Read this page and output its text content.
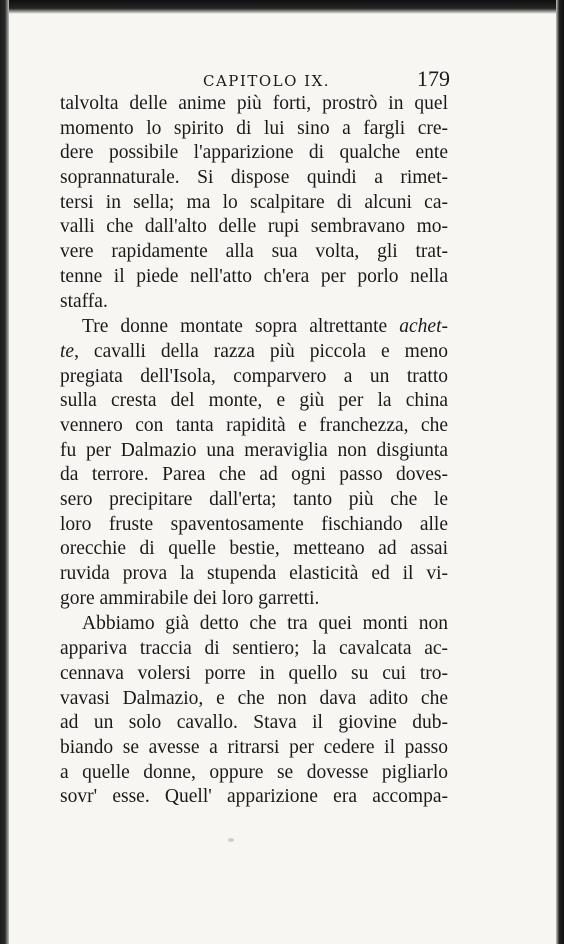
CAPITOLO IX.	179
talvolta delle anime più forti, prostrò in quel
momento lo spirito di lui sino a fargli cre-
dere possibile l'apparizione di qualche ente
soprannaturale. Si dispose quindi a rimet-
tersi in sella; ma lo scalpitare di alcuni ca-
valli che dall'alto delle rupi sembravano mo-
vere rapidamente alla sua volta, gli trat-
tenne il piede nell'atto ch'era per porlo nella
staffa.
Tre donne montate sopra altrettante achet-
te, cavalli della razza più piccola e meno
pregiata dell'Isola, comparvero a un tratto
sulla cresta del monte, e giù per la china
vennero con tanta rapidità e franchezza, che
fu per Dalmazio una meraviglia non disgiunta
da terrore. Parea che ad ogni passo doves-
sero precipitare dall'erta; tanto più che le
loro fruste spaventosamente fischiando alle
orecchie di quelle bestie, metteano ad assai
ruvida prova la stupenda elasticità ed il vi-
gore ammirabile dei loro garretti.
Abbiamo già detto che tra quei monti non
appariva traccia di sentiero; la cavalcata ac-
cennava volersi porre in quello su cui tro-
vavasi Dalmazio, e che non dava adito che
ad un solo cavallo. Stava il giovine dub-
biando se avesse a ritrarsi per cedere il passo
a quelle donne, oppure se dovesse pigliarlo
sovr' esse. Quell' apparizione era accompa-
